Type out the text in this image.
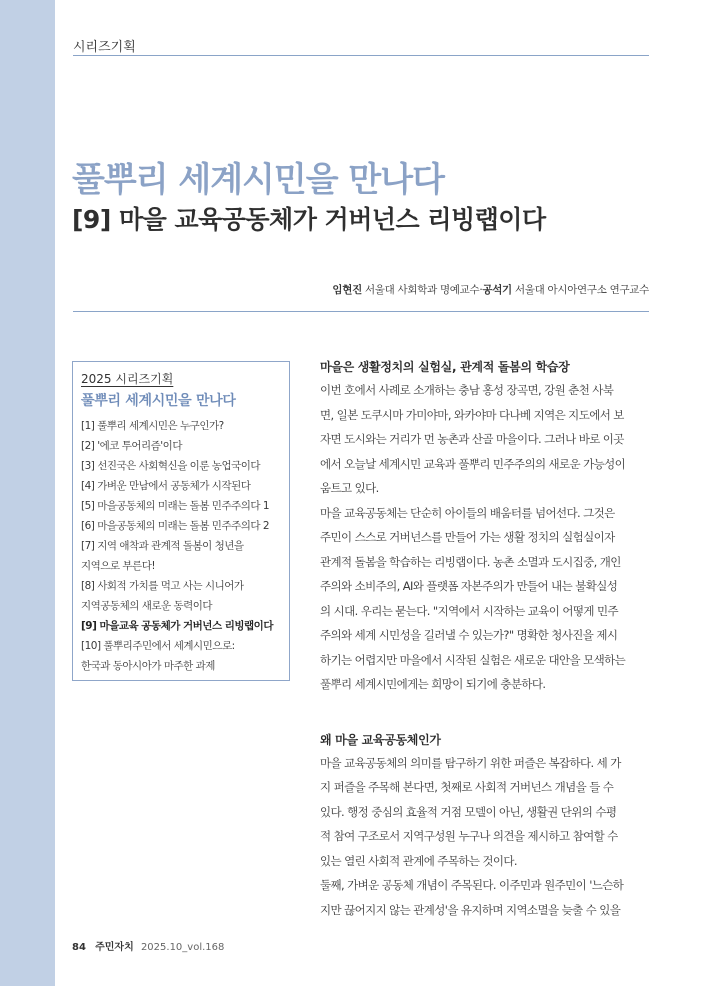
시리즈기획
풀뿌리 세계시민을 만나다
[9] 마을 교육공동체가 거버넌스 리빙랩이다
임현진 서울대 사회학과 명예교수·공석기 서울대 아시아연구소 연구교수

2025 시리즈기획

풀뿌리 세계시민을 만나다

[1] 풀뿌리 세계시민은 누구인가?
[2] '에코 투어리즘'이다
[3] 선진국은 사회혁신을 이룬 농업국이다
[4] 가벼운 만남에서 공동체가 시작된다
[5] 마을공동체의 미래는 돌봄 민주주의다 1
[6] 마을공동체의 미래는 돌봄 민주주의다 2
[7] 지역 애착과 관계적 돌봄이 청년을
지역으로 부른다!
[8] 사회적 가치를 먹고 사는 시니어가
지역공동체의 새로운 동력이다
[9] 마을교육 공동체가 거버넌스 리빙랩이다
[10] 풀뿌리주민에서 세계시민으로:
한국과 동아시아가 마주한 과제

마을은 생활정치의 실험실, 관계적 돌봄의 학습장

이번 호에서 사례로 소개하는 충남 홍성 장곡면, 강원 춘천 사북
면, 일본 도쿠시마 가미야마, 와카야마 다나베 지역은 지도에서 보
자면 도시와는 거리가 먼 농촌과 산골 마을이다. 그러나 바로 이곳
에서 오늘날 세계시민 교육과 풀뿌리 민주주의의 새로운 가능성이
움트고 있다.

마을 교육공동체는 단순히 아이들의 배움터를 넘어선다. 그것은
주민이 스스로 거버넌스를 만들어 가는 생활 정치의 실험실이자
관계적 돌봄을 학습하는 리빙랩이다. 농촌 소멸과 도시집중, 개인
주의와 소비주의, AI와 플랫폼 자본주의가 만들어 내는 불확실성
의 시대. 우리는 묻는다. "지역에서 시작하는 교육이 어떻게 민주
주의와 세계 시민성을 길러낼 수 있는가?" 명확한 청사진을 제시
하기는 어렵지만 마을에서 시작된 실험은 새로운 대안을 모색하는
풀뿌리 세계시민에게는 희망이 되기에 충분하다.

왜 마을 교육공동체인가

마을 교육공동체의 의미를 탐구하기 위한 퍼즐은 복잡하다. 세 가
지 퍼즐을 주목해 본다면, 첫째로 사회적 거버넌스 개념을 들 수
있다. 행정 중심의 효율적 거점 모델이 아닌, 생활권 단위의 수평
적 참여 구조로서 지역구성원 누구나 의견을 제시하고 참여할 수
있는 열린 사회적 관계에 주목하는 것이다.

둘째, 가벼운 공동체 개념이 주목된다. 이주민과 원주민이 '느슨하
지만 끊어지지 않는 관계성'을 유지하며 지역소멸을 늦출 수 있을

84 주민자치 2025.10_vol.168
